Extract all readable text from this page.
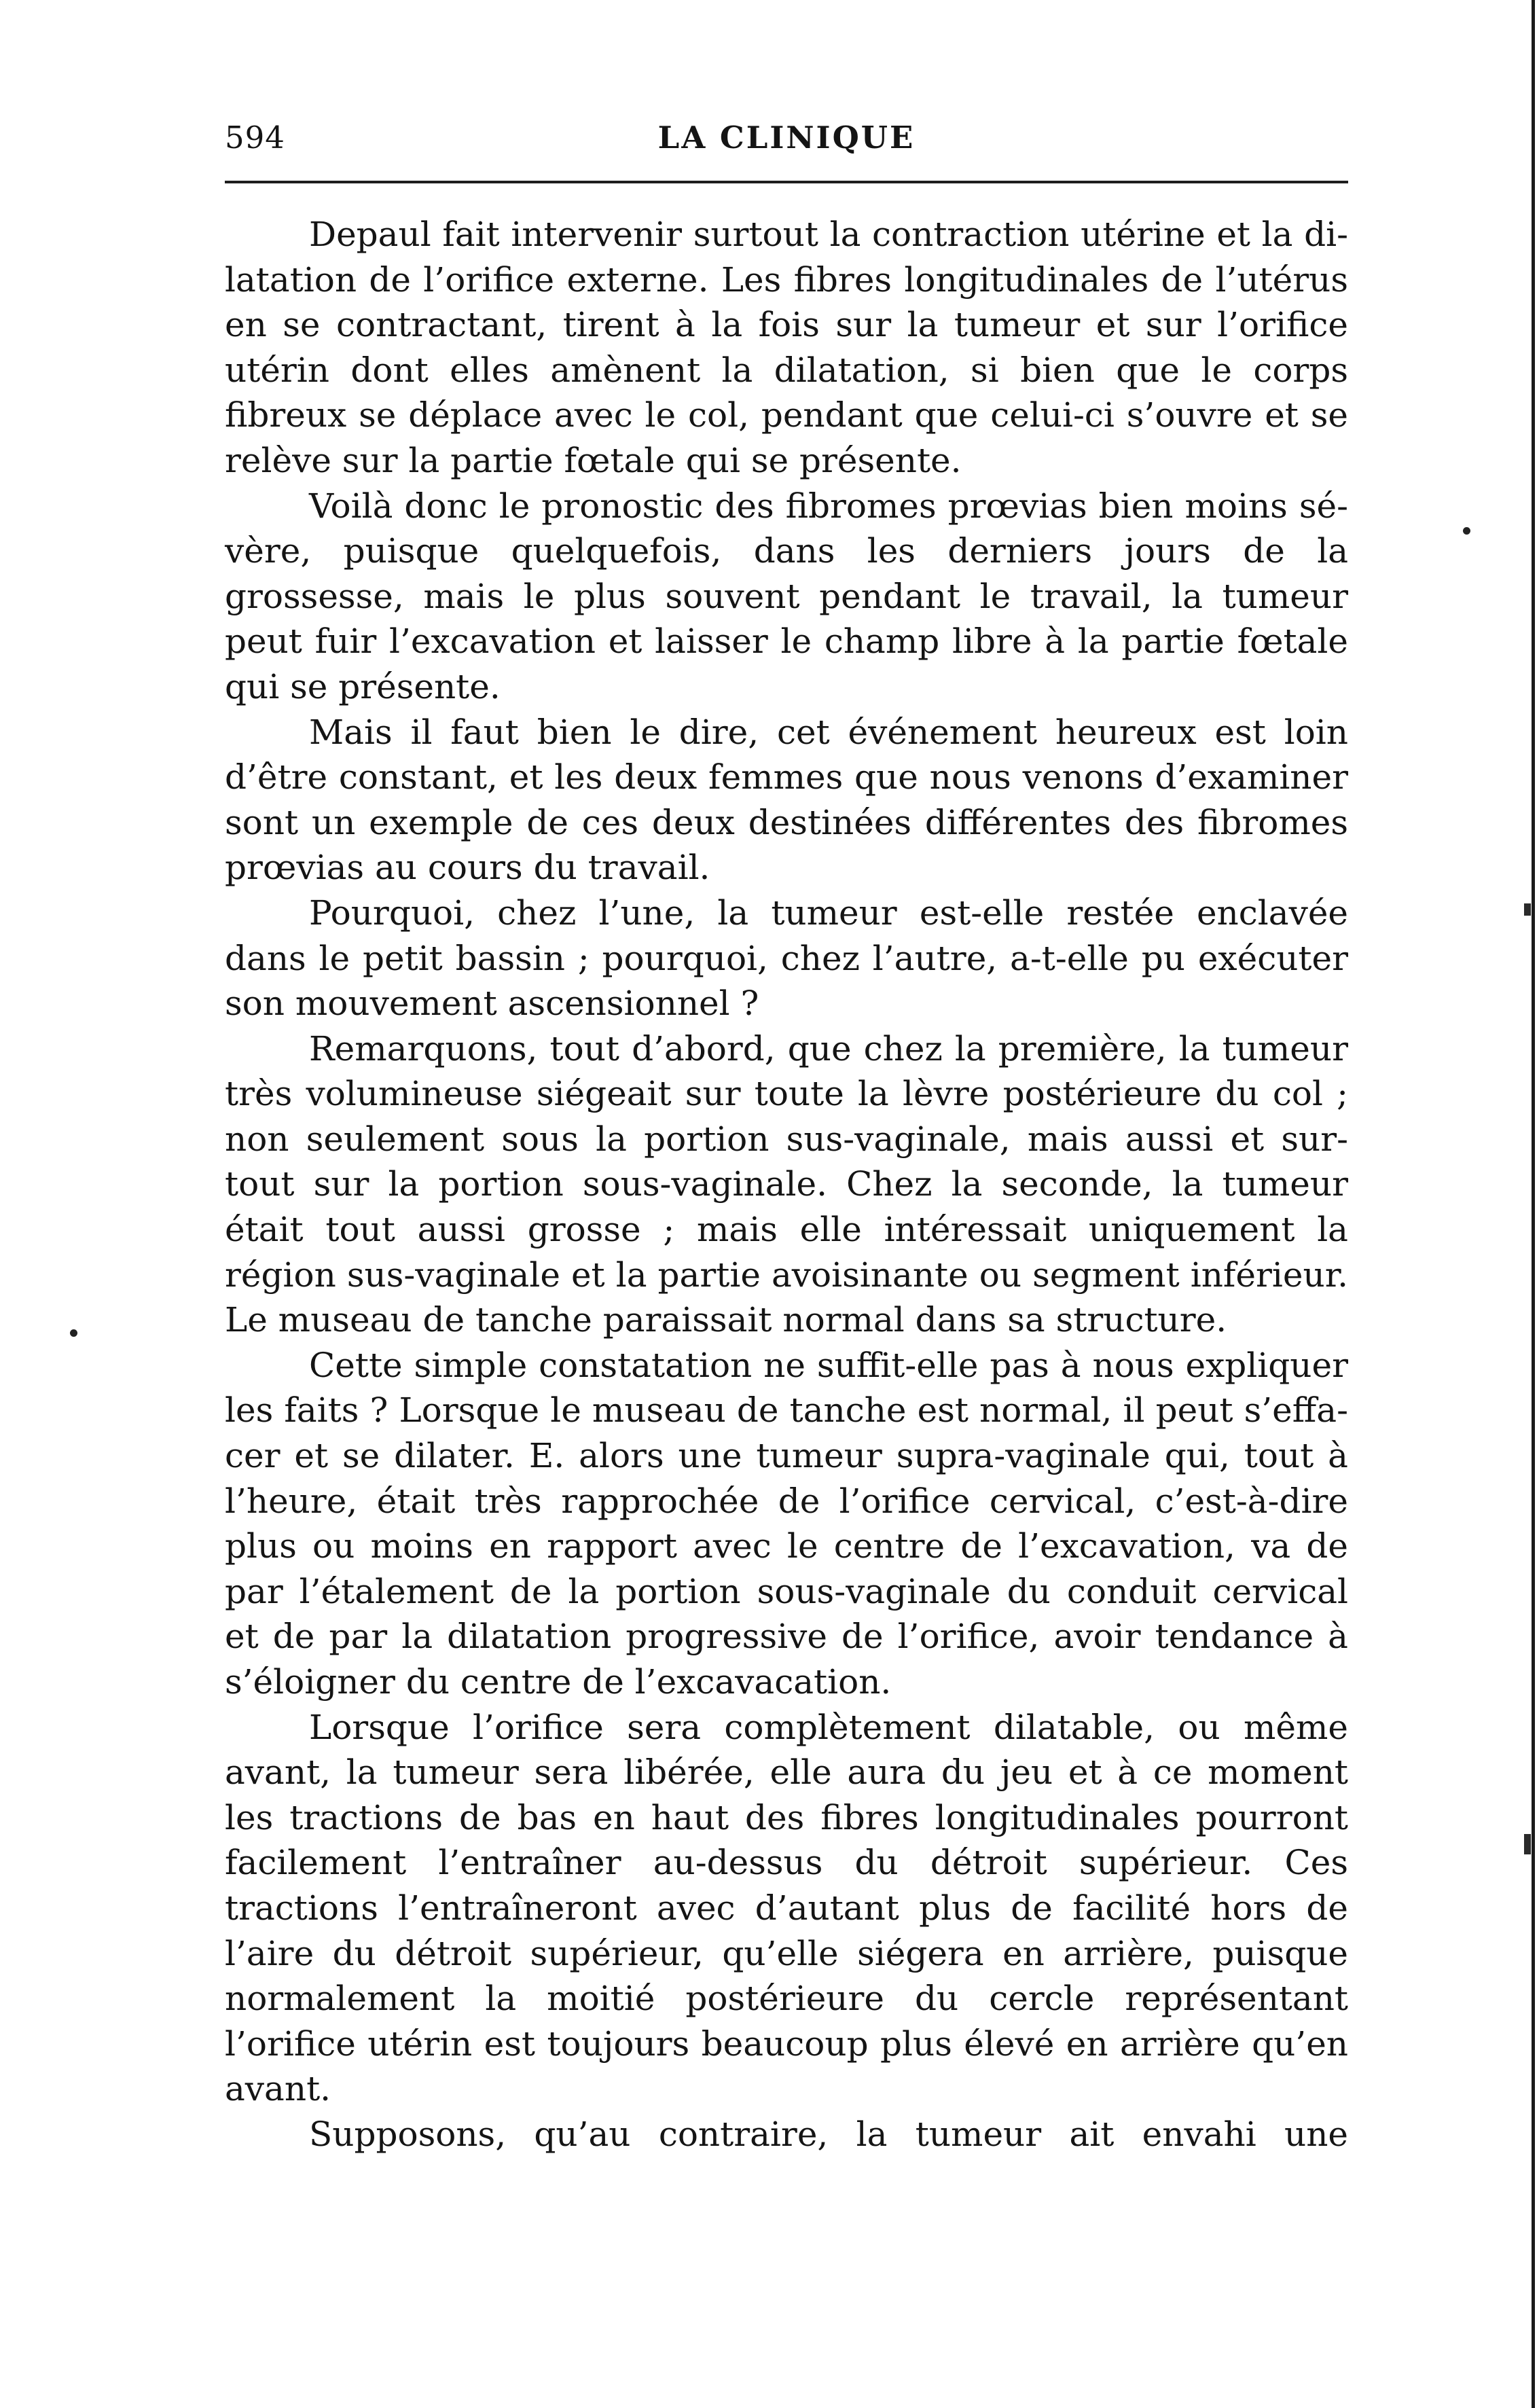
594	LA CLINIQUE

Depaul fait intervenir surtout la contraction utérine et la dilatation de l’orifice externe. Les fibres longitudinales de l’utérus en se contractant, tirent à la fois sur la tumeur et sur l’orifice utérin dont elles amènent la dilatation, si bien que le corps fibreux se déplace avec le col, pendant que celui-ci s’ouvre et se relève sur la partie fœtale qui se présente.

Voilà donc le pronostic des fibromes prœvias bien moins sévère, puisque quelquefois, dans les derniers jours de la grossesse, mais le plus souvent pendant le travail, la tumeur peut fuir l’excavation et laisser le champ libre à la partie fœtale qui se présente.

Mais il faut bien le dire, cet événement heureux est loin d’être constant, et les deux femmes que nous venons d’examiner sont un exemple de ces deux destinées différentes des fibromes prœvias au cours du travail.

Pourquoi, chez l’une, la tumeur est-elle restée enclavée dans le petit bassin ; pourquoi, chez l’autre, a-t-elle pu exécuter son mouvement ascensionnel ?

Remarquons, tout d’abord, que chez la première, la tumeur très volumineuse siégeait sur toute la lèvre postérieure du col ; non seulement sous la portion sus-vaginale, mais aussi et surtout sur la portion sous-vaginale. Chez la seconde, la tumeur était tout aussi grosse ; mais elle intéressait uniquement la région sus-vaginale et la partie avoisinante ou segment inférieur. Le museau de tanche paraissait normal dans sa structure.

Cette simple constatation ne suffit-elle pas à nous expliquer les faits ? Lorsque le museau de tanche est normal, il peut s’effacer et se dilater. E. alors une tumeur supra-vaginale qui, tout à l’heure, était très rapprochée de l’orifice cervical, c’est-à-dire plus ou moins en rapport avec le centre de l’excavation, va de par l’étalement de la portion sous-vaginale du conduit cervical et de par la dilatation progressive de l’orifice, avoir tendance à s’éloigner du centre de l’excavacation.

Lorsque l’orifice sera complètement dilatable, ou même avant, la tumeur sera libérée, elle aura du jeu et à ce moment les tractions de bas en haut des fibres longitudinales pourront facilement l’entraîner au-dessus du détroit supérieur. Ces tractions l’entraîneront avec d’autant plus de facilité hors de l’aire du détroit supérieur, qu’elle siégera en arrière, puisque normalement la moitié postérieure du cercle représentant l’orifice utérin est toujours beaucoup plus élevé en arrière qu’en avant.

Supposons, qu’au contraire, la tumeur ait envahi une
